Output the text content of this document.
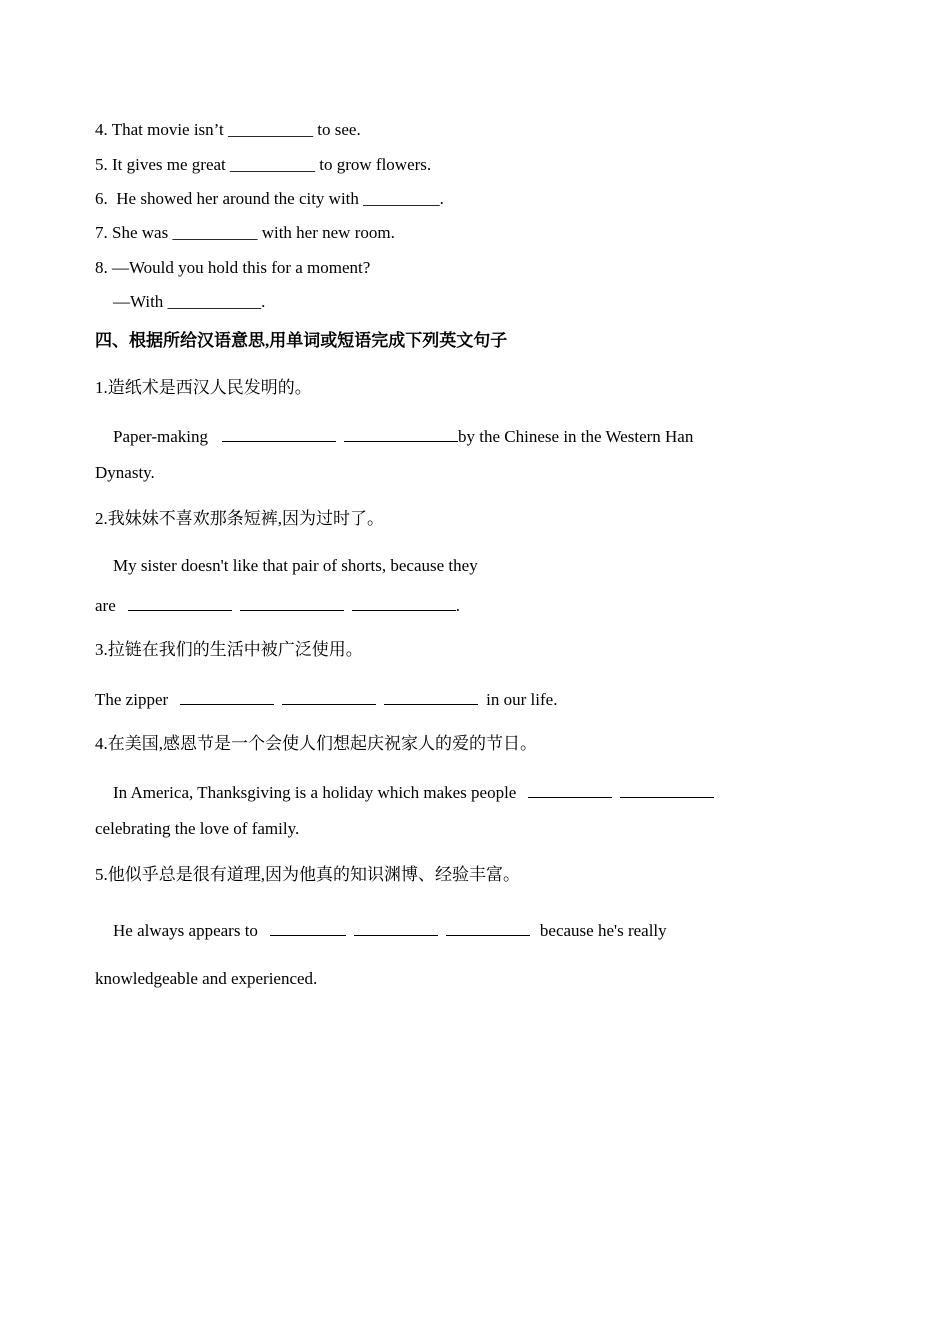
4. That movie isn’t __________ to see.
5. It gives me great __________ to grow flowers.
6.  He showed her around the city with _________.
7. She was __________ with her new room.
8. —Would you hold this for a moment?
—With ___________.
四、根据所给汉语意思,用单词或短语完成下列英文句子
1.造纸术是西汉人民发明的。
Paper-making	by the Chinese in the Western Han
Dynasty.
2.我妹妹不喜欢那条短裤,因为过时了。
My sister doesn't like that pair of shorts, because they
are	.
3.拉链在我们的生活中被广泛使用。
The zipper	in our life.
4.在美国,感恩节是一个会使人们想起庆祝家人的爱的节日。
In America, Thanksgiving is a holiday which makes people
celebrating the love of family.
5.他似乎总是很有道理,因为他真的知识渊博、经验丰富。
He always appears to	because he's really
knowledgeable and experienced.
